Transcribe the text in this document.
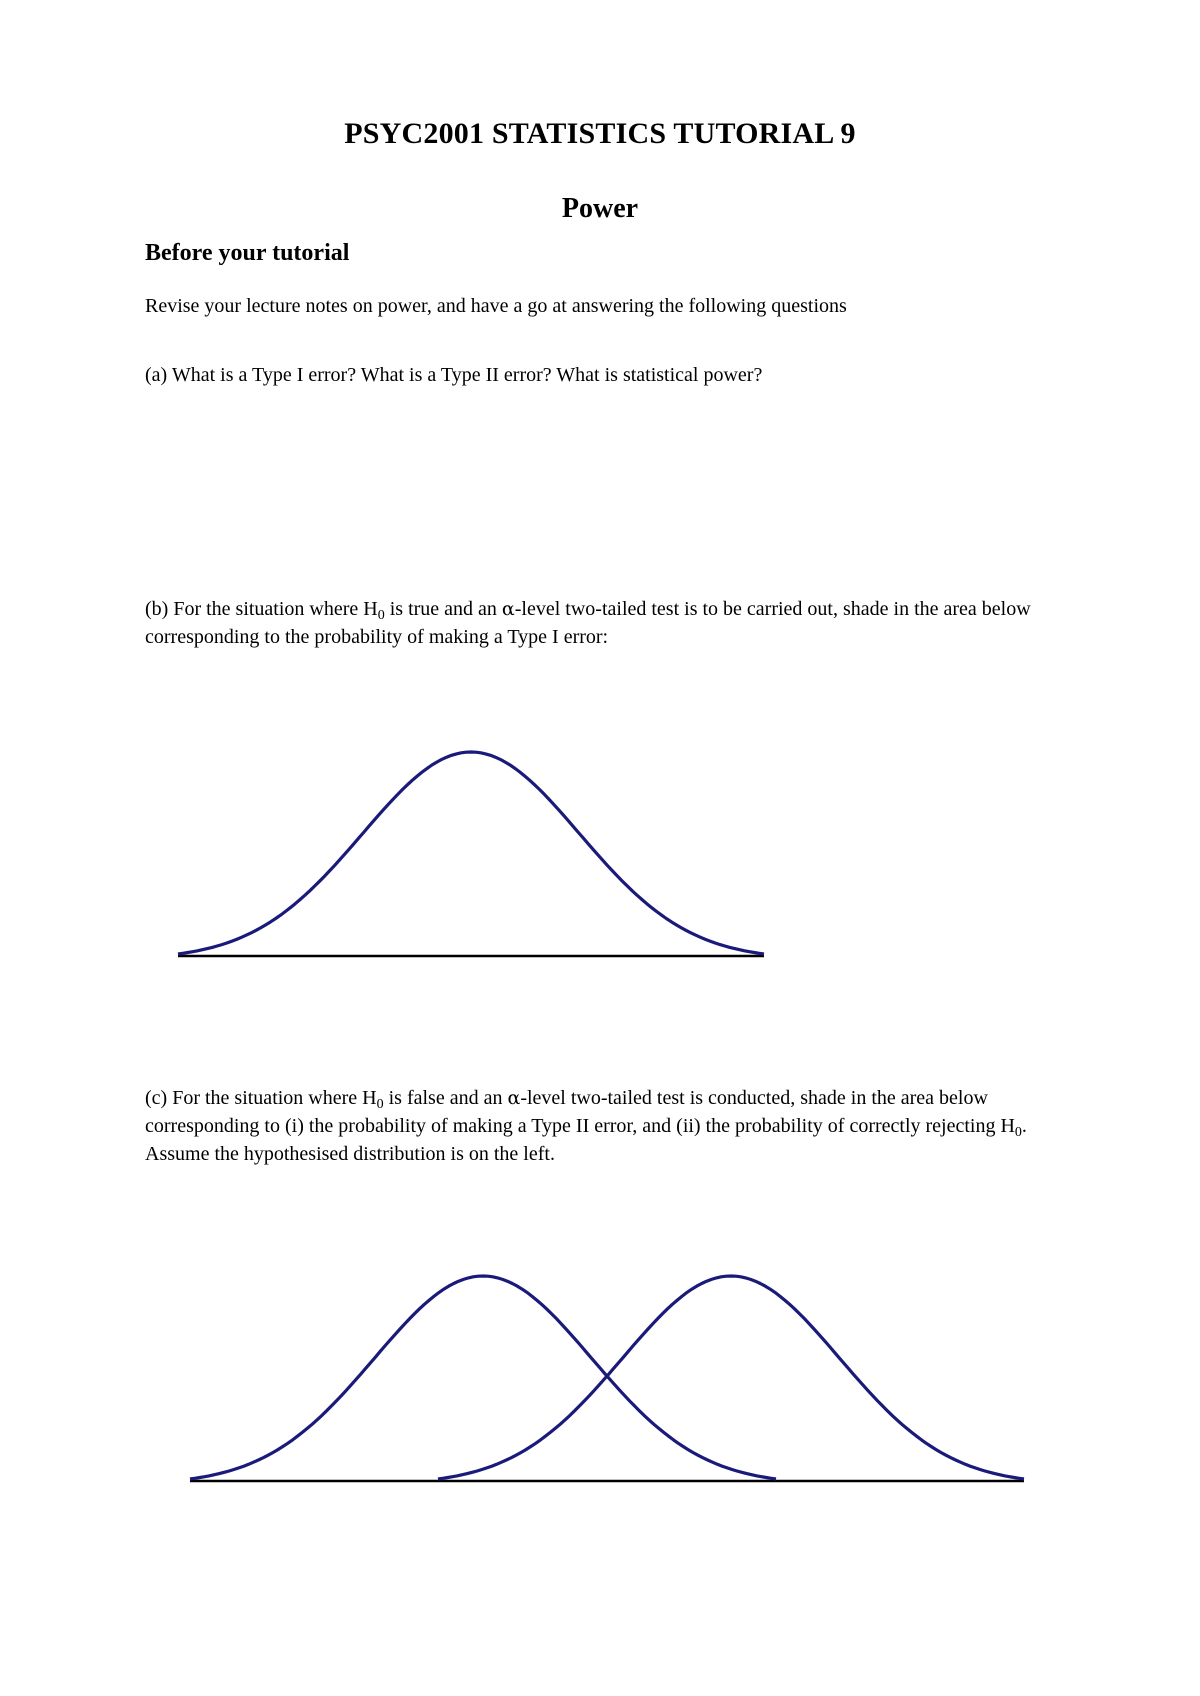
PSYC2001 STATISTICS TUTORIAL 9
Power
Before your tutorial
Revise your lecture notes on power, and have a go at answering the following questions
(a) What is a Type I error? What is a Type II error? What is statistical power?
(b) For the situation where $H_0$ is true and an α-level two-tailed test is to be carried out, shade in the area below corresponding to the probability of making a Type I error:
(c) For the situation where $H_0$ is false and an α-level two-tailed test is conducted, shade in the area below corresponding to (i) the probability of making a Type II error, and (ii) the probability of correctly rejecting $H_0$. Assume the hypothesised distribution is on the left.
